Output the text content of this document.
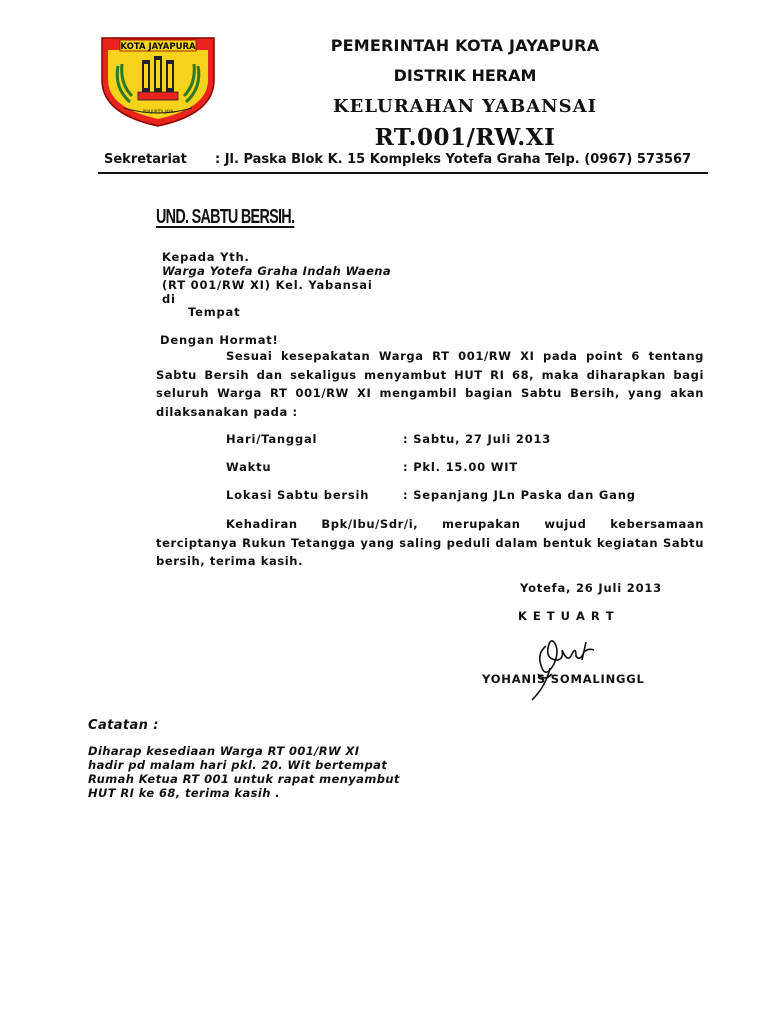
KOTA JAYAPURA
PRAJURITA JAYA
PEMERINTAH KOTA JAYAPURA
DISTRIK HERAM
KELURAHAN YABANSAI
RT.001/RW.XI
Sekretariat : Jl. Paska Blok K. 15 Kompleks Yotefa Graha Telp. (0967) 573567
UND. SABTU BERSIH.
Kepada Yth.
Warga Yotefa Graha Indah Waena
(RT 001/RW XI) Kel. Yabansai
di
Tempat
Dengan Hormat!
Sesuai kesepakatan Warga RT 001/RW XI pada point 6 tentang Sabtu Bersih dan sekaligus menyambut HUT RI 68, maka diharapkan bagi seluruh Warga RT 001/RW XI mengambil bagian Sabtu Bersih, yang akan dilaksanakan pada :
Hari/Tanggal	: Sabtu, 27 Juli 2013
Waktu	: Pkl. 15.00 WIT
Lokasi Sabtu bersih	: Sepanjang JLn Paska dan Gang
Kehadiran Bpk/Ibu/Sdr/i, merupakan wujud kebersamaan terciptanya Rukun Tetangga yang saling peduli dalam bentuk kegiatan Sabtu bersih, terima kasih.
Yotefa, 26 Juli 2013
K E T U A R T
YOHANIS SOMALINGGL
Catatan :
Diharap kesediaan Warga RT 001/RW XI
hadir pd malam hari pkl. 20. Wit bertempat
Rumah Ketua RT 001 untuk rapat menyambut
HUT RI ke 68, terima kasih .
